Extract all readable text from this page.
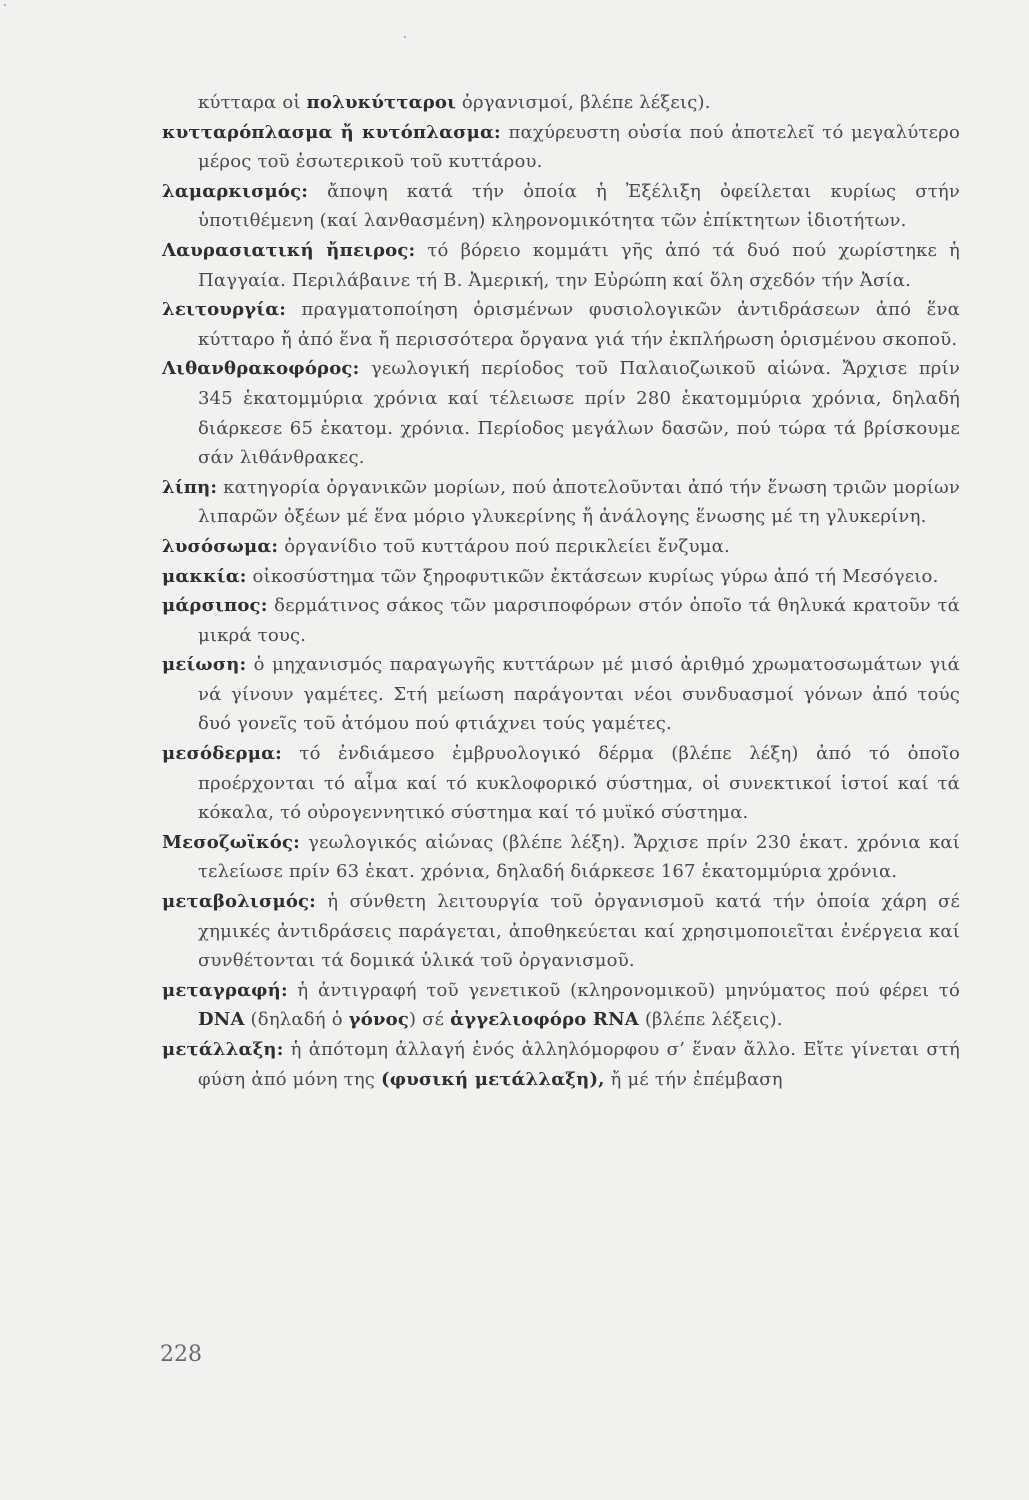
κύτταρα οἱ πολυκύτταροι ὀργανισμοί, βλέπε λέξεις).

κυτταρόπλασμα ἤ κυτόπλασμα: παχύρευστη οὐσία πού ἀποτελεῖ τό μεγαλύτερο μέρος τοῦ ἐσωτερικοῦ τοῦ κυττάρου.

λαμαρκισμός: ἄποψη κατά τήν ὁποία ἡ Ἐξέλιξη ὀφείλεται κυρίως στήν ὑποτιθέμενη (καί λανθασμένη) κληρονομικότητα τῶν ἐπίκτητων ἰδιοτήτων.

Λαυρασιατική ἤπειρος: τό βόρειο κομμάτι γῆς ἀπό τά δυό πού χωρίστηκε ἡ Παγγαία. Περιλάβαινε τή Β. Ἀμερική, την Εὐρώπη καί ὅλη σχεδόν τήν Ἀσία.

λειτουργία: πραγματοποίηση ὁρισμένων φυσιολογικῶν ἀντιδράσεων ἀπό ἕνα κύτταρο ἤ ἀπό ἕνα ἤ περισσότερα ὄργανα γιά τήν ἐκπλήρωση ὁρισμένου σκοποῦ.

Λιθανθρακοφόρος: γεωλογική περίοδος τοῦ Παλαιοζωικοῦ αἰώνα. Ἄρχισε πρίν 345 ἑκατομμύρια χρόνια καί τέλειωσε πρίν 280 ἑκατομμύρια χρόνια, δηλαδή διάρκεσε 65 ἑκατομ. χρόνια. Περίοδος μεγάλων δασῶν, πού τώρα τά βρίσκουμε σάν λιθάνθρακες.

λίπη: κατηγορία ὀργανικῶν μορίων, πού ἀποτελοῦνται ἀπό τήν ἕνωση τριῶν μορίων λιπαρῶν ὀξέων μέ ἕνα μόριο γλυκερίνης ἤ ἀνάλογης ἕνωσης μέ τη γλυκερίνη.

λυσόσωμα: ὀργανίδιο τοῦ κυττάρου πού περικλείει ἔνζυμα.

μακκία: οἰκοσύστημα τῶν ξηροφυτικῶν ἐκτάσεων κυρίως γύρω ἀπό τή Μεσόγειο.

μάρσιπος: δερμάτινος σάκος τῶν μαρσιποφόρων στόν ὁποῖο τά θηλυκά κρατοῦν τά μικρά τους.

μείωση: ὁ μηχανισμός παραγωγῆς κυττάρων μέ μισό ἀριθμό χρωματοσωμάτων γιά νά γίνουν γαμέτες. Στή μείωση παράγονται νέοι συνδυασμοί γόνων ἀπό τούς δυό γονεῖς τοῦ ἀτόμου πού φτιάχνει τούς γαμέτες.

μεσόδερμα: τό ἐνδιάμεσο ἐμβρυολογικό δέρμα (βλέπε λέξη) ἀπό τό ὁποῖο προέρχονται τό αἷμα καί τό κυκλοφορικό σύστημα, οἱ συνεκτικοί ἱστοί καί τά κόκαλα, τό οὐρογεννητικό σύστημα καί τό μυϊκό σύστημα.

Μεσοζωϊκός: γεωλογικός αἰώνας (βλέπε λέξη). Ἄρχισε πρίν 230 ἑκατ. χρόνια καί τελείωσε πρίν 63 ἑκατ. χρόνια, δηλαδή διάρκεσε 167 ἑκατομμύρια χρόνια.

μεταβολισμός: ἡ σύνθετη λειτουργία τοῦ ὀργανισμοῦ κατά τήν ὁποία χάρη σέ χημικές ἀντιδράσεις παράγεται, ἀποθηκεύεται καί χρησιμοποιεῖται ἐνέργεια καί συνθέτονται τά δομικά ὑλικά τοῦ ὀργανισμοῦ.

μεταγραφή: ἡ ἀντιγραφή τοῦ γενετικοῦ (κληρονομικοῦ) μηνύματος πού φέρει τό DNA (δηλαδή ὁ γόνος) σέ ἀγγελιοφόρο RNA (βλέπε λέξεις).

μετάλλαξη: ἡ ἀπότομη ἀλλαγή ἑνός ἀλληλόμορφου σ’ ἕναν ἄλλο. Εἴτε γίνεται στή φύση ἀπό μόνη της (φυσική μετάλλαξη), ἤ μέ τήν ἐπέμβαση

228
